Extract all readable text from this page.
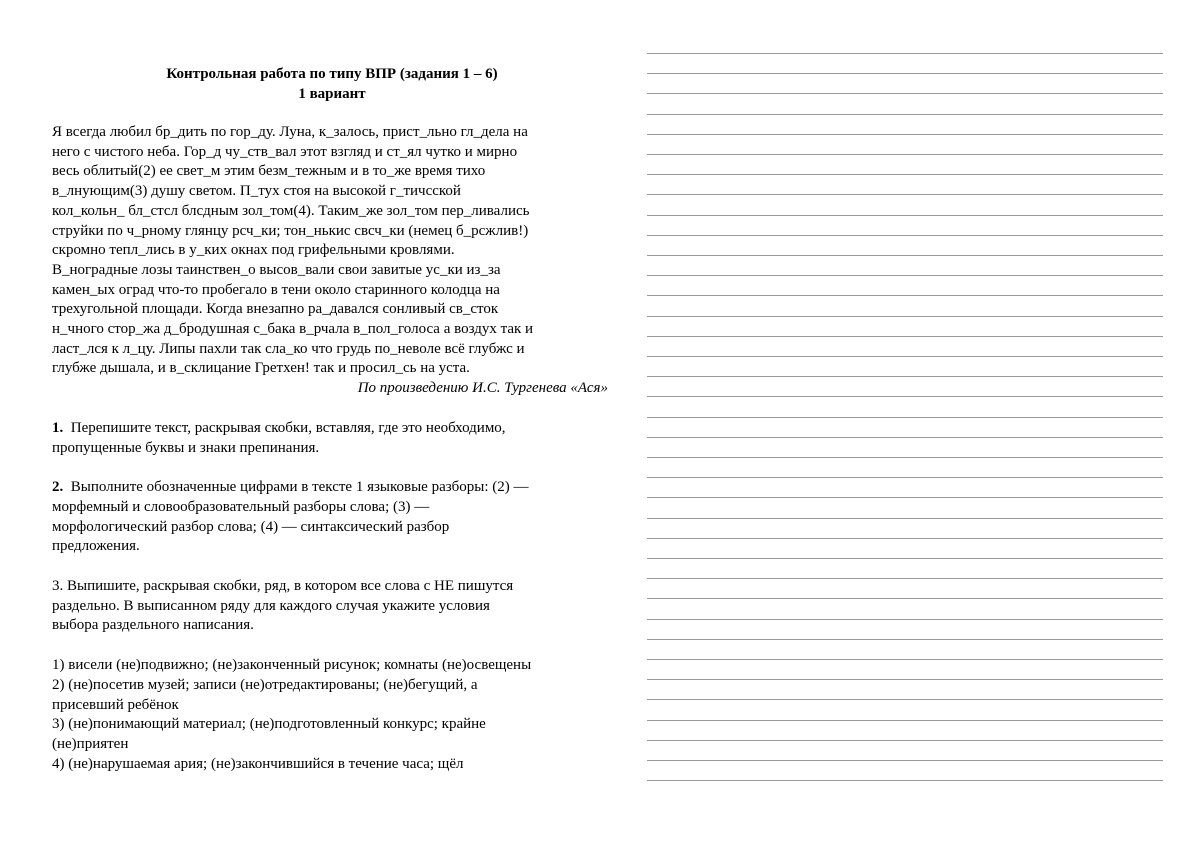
Контрольная работа по типу ВПР (задания 1 – 6)

1 вариант

Я всегда любил бр_дить по гор_ду. Луна, к_залось, прист_льно гл_дела на
него с чистого неба. Гор_д чу_ств_вал этот взгляд и ст_ял чутко и мирно
весь облитый(2) ее свет_м этим безм_тежным и в то_же время тихо
в_лнующим(3) душу светом. П_тух стоя на высокой г_тичсской
кол_кольн_ бл_стсл блсдным зол_том(4). Таким_же зол_том пер_ливались
струйки по ч_рному глянцу рсч_ки; тон_нькис свсч_ки (немец б_рсжлив!)
скромно тепл_лись в у_ких окнах под грифельными кровлями.
В_ноградные лозы таинствен_о высов_вали свои завитые ус_ки из_за
камен_ых оград что-то пробегало в тени около старинного колодца на
трехугольной площади. Когда внезапно ра_давался сонливый св_сток
н_чного стор_жа д_бродушная с_бака в_рчала в_пол_голоса а воздух так и
ласт_лся к л_цу. Липы пахли так сла_ко что грудь по_неволе всё глубжс и
глубже дышала, и в_склицание Гретхен! так и просил_сь на уста.
По произведению И.С. Тургенева «Ася»
1. Перепишите текст, раскрывая скобки, вставляя, где это необходимо,
пропущенные буквы и знаки препинания.
2. Выполните обозначенные цифрами в тексте 1 языковые разборы: (2) —
морфемный и словообразовательный разборы слова; (3) —
морфологический разбор слова; (4) — синтаксический разбор
предложения.
3. Выпишите, раскрывая скобки, ряд, в котором все слова с НЕ пишутся
раздельно. В выписанном ряду для каждого случая укажите условия
выбора раздельного написания.
1) висели (не)подвижно; (не)законченный рисунок; комнаты (не)освещены
2) (не)посетив музей; записи (не)отредактированы; (не)бегущий, а
присевший ребёнок
3) (не)понимающий материал; (не)подготовленный конкурс; крайне
(не)приятен
4) (не)нарушаемая ария; (не)закончившийся в течение часа; щёл
